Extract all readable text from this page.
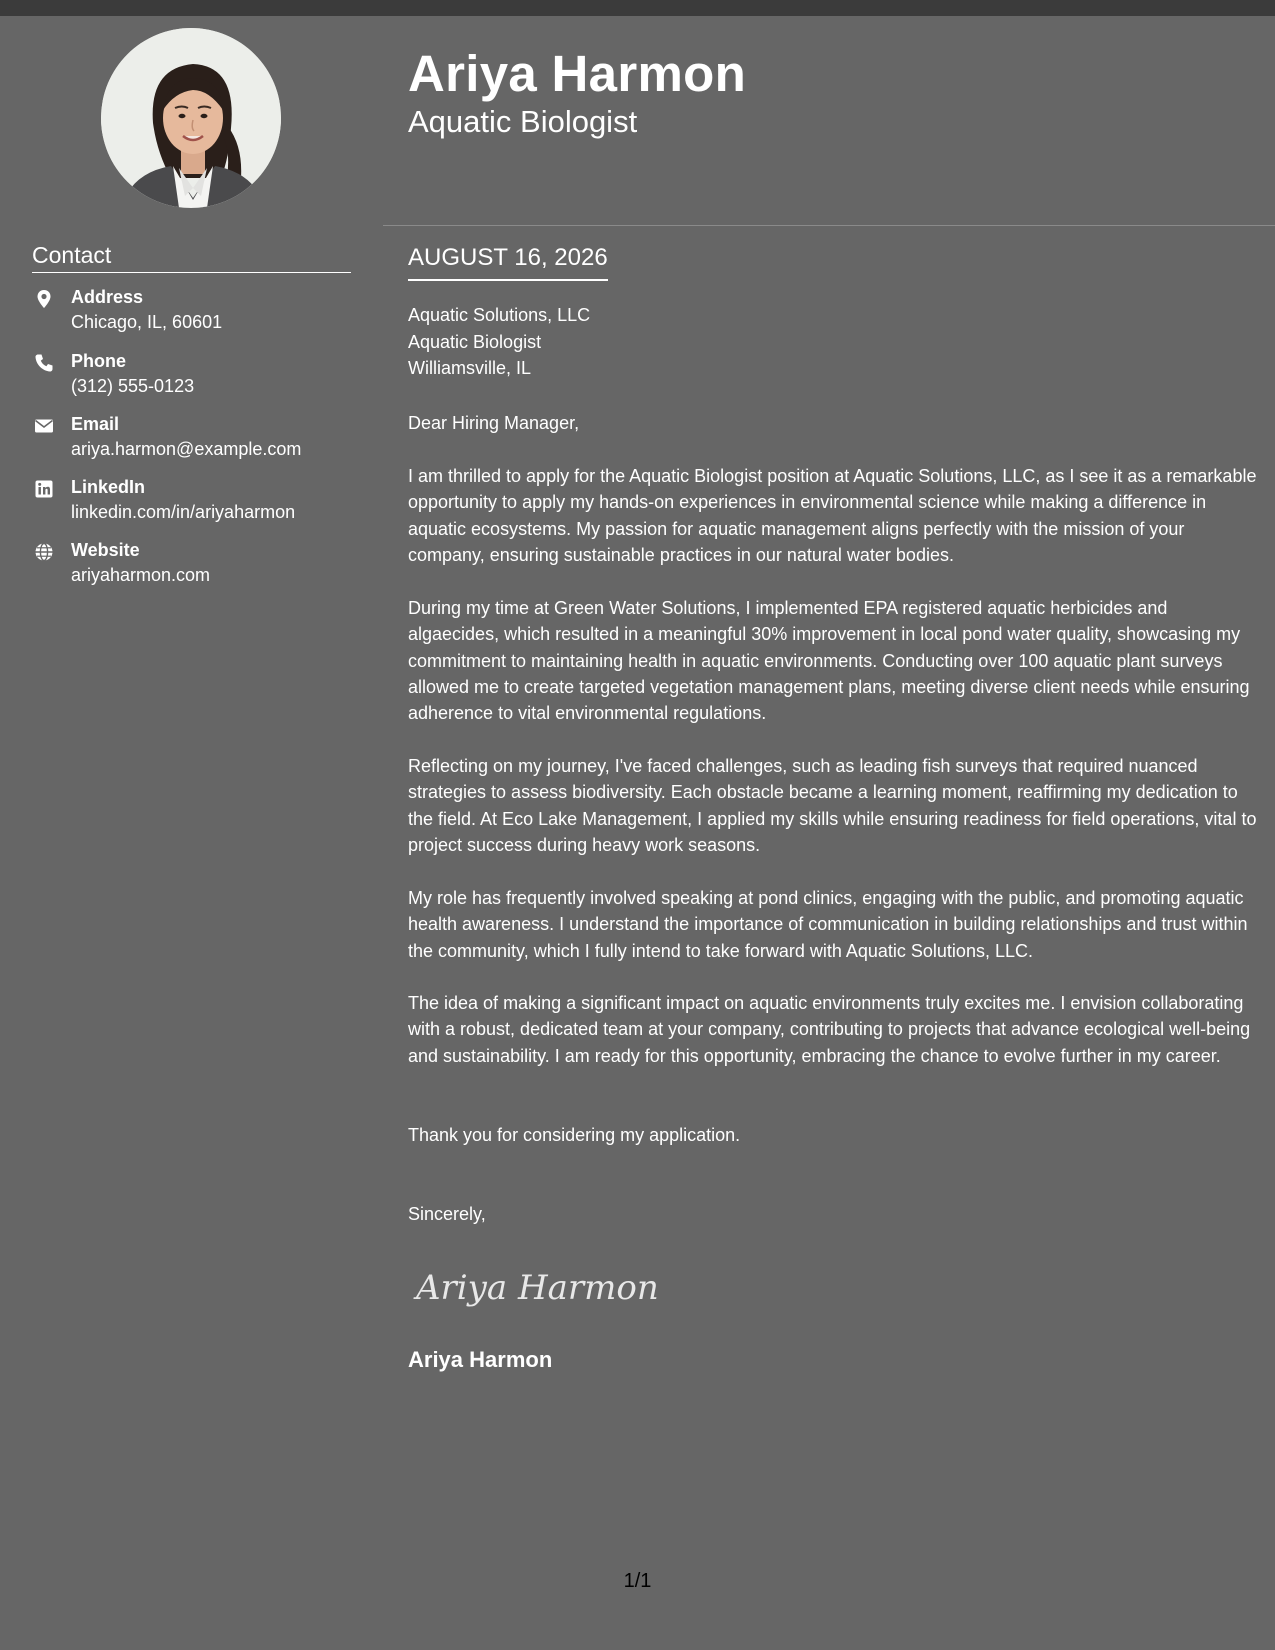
Ariya Harmon
Aquatic Biologist
Contact
Address
Chicago, IL, 60601
Phone
(312) 555-0123
Email
ariya.harmon@example.com
LinkedIn
linkedin.com/in/ariyaharmon
Website
ariyaharmon.com
AUGUST 16, 2026
Aquatic Solutions, LLC
Aquatic Biologist
Williamsville, IL
Dear Hiring Manager,

I am thrilled to apply for the Aquatic Biologist position at Aquatic Solutions, LLC, as I see it as a remarkable opportunity to apply my hands-on experiences in environmental science while making a difference in aquatic ecosystems. My passion for aquatic management aligns perfectly with the mission of your company, ensuring sustainable practices in our natural water bodies.

During my time at Green Water Solutions, I implemented EPA registered aquatic herbicides and algaecides, which resulted in a meaningful 30% improvement in local pond water quality, showcasing my commitment to maintaining health in aquatic environments. Conducting over 100 aquatic plant surveys allowed me to create targeted vegetation management plans, meeting diverse client needs while ensuring adherence to vital environmental regulations.

Reflecting on my journey, I've faced challenges, such as leading fish surveys that required nuanced strategies to assess biodiversity. Each obstacle became a learning moment, reaffirming my dedication to the field. At Eco Lake Management, I applied my skills while ensuring readiness for field operations, vital to project success during heavy work seasons.

My role has frequently involved speaking at pond clinics, engaging with the public, and promoting aquatic health awareness. I understand the importance of communication in building relationships and trust within the community, which I fully intend to take forward with Aquatic Solutions, LLC.

The idea of making a significant impact on aquatic environments truly excites me. I envision collaborating with a robust, dedicated team at your company, contributing to projects that advance ecological well-being and sustainability. I am ready for this opportunity, embracing the chance to evolve further in my career.

Thank you for considering my application.

Sincerely,
Ariya Harmon
Ariya Harmon
1/1
